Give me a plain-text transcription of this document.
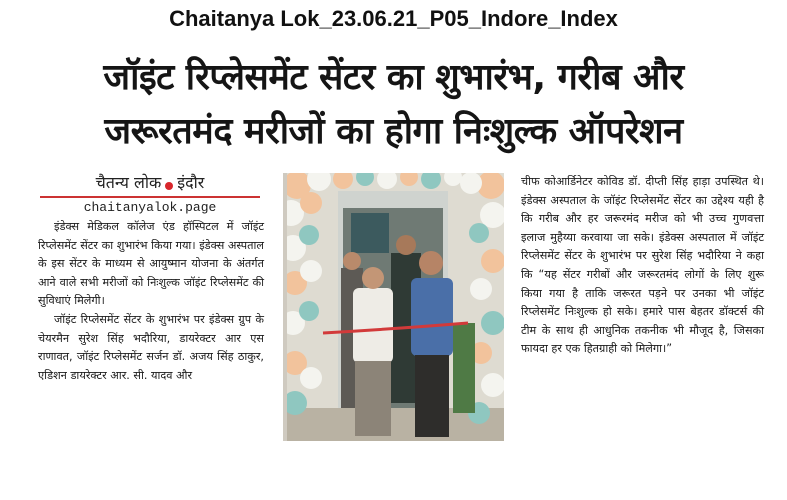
Chaitanya Lok_23.06.21_P05_Indore_Index
जॉइंट रिप्लेसमेंट सेंटर का शुभारंभ, गरीब और
जरूरतमंद मरीजों का होगा निःशुल्क ऑपरेशन
चैतन्य लोक इंदौर
chaitanyalok.page

इंडेक्स मेडिकल कॉलेज एंड हॉस्पिटल में जॉइंट रिप्लेसमेंट सेंटर का शुभारंभ किया गया। इंडेक्स अस्पताल के इस सेंटर के माध्यम से आयुष्मान योजना के अंतर्गत आने वाले सभी मरीजों को निःशुल्क जॉइंट रिप्लेसमेंट की सुविधाएं मिलेगी।

जॉइंट रिप्लेसमेंट सेंटर के शुभारंभ पर इंडेक्स ग्रुप के चेयरमैन सुरेश सिंह भदौरिया, डायरेक्टर आर एस राणावत, जॉइंट रिप्लेसमेंट सर्जन डॉ. अजय सिंह ठाकुर, एडिशन डायरेक्टर आर. सी. यादव और

चीफ कोआर्डिनेटर कोविड डॉ. दीप्ती सिंह हाड़ा उपस्थित थे। इंडेक्स अस्पताल के जॉइंट रिप्लेसमेंट सेंटर का उद्देश्य यही है कि गरीब और हर जरूरमंद मरीज को भी उच्च गुणवत्ता इलाज मुहैय्या करवाया जा सके। इंडेक्स अस्पताल में जॉइंट रिप्लेसमेंट सेंटर के शुभारंभ पर सुरेश सिंह भदौरिया ने कहा कि “यह सेंटर गरीबों और जरूरतमंद लोगों के लिए शुरू किया गया है ताकि जरूरत पड़ने पर उनका भी जॉइंट रिप्लेसमेंट निःशुल्क हो सके। हमारे पास बेहतर डॉक्टर्स की टीम के साथ ही आधुनिक तकनीक भी मौजूद है, जिसका फायदा हर एक हितग्राही को मिलेगा।”
